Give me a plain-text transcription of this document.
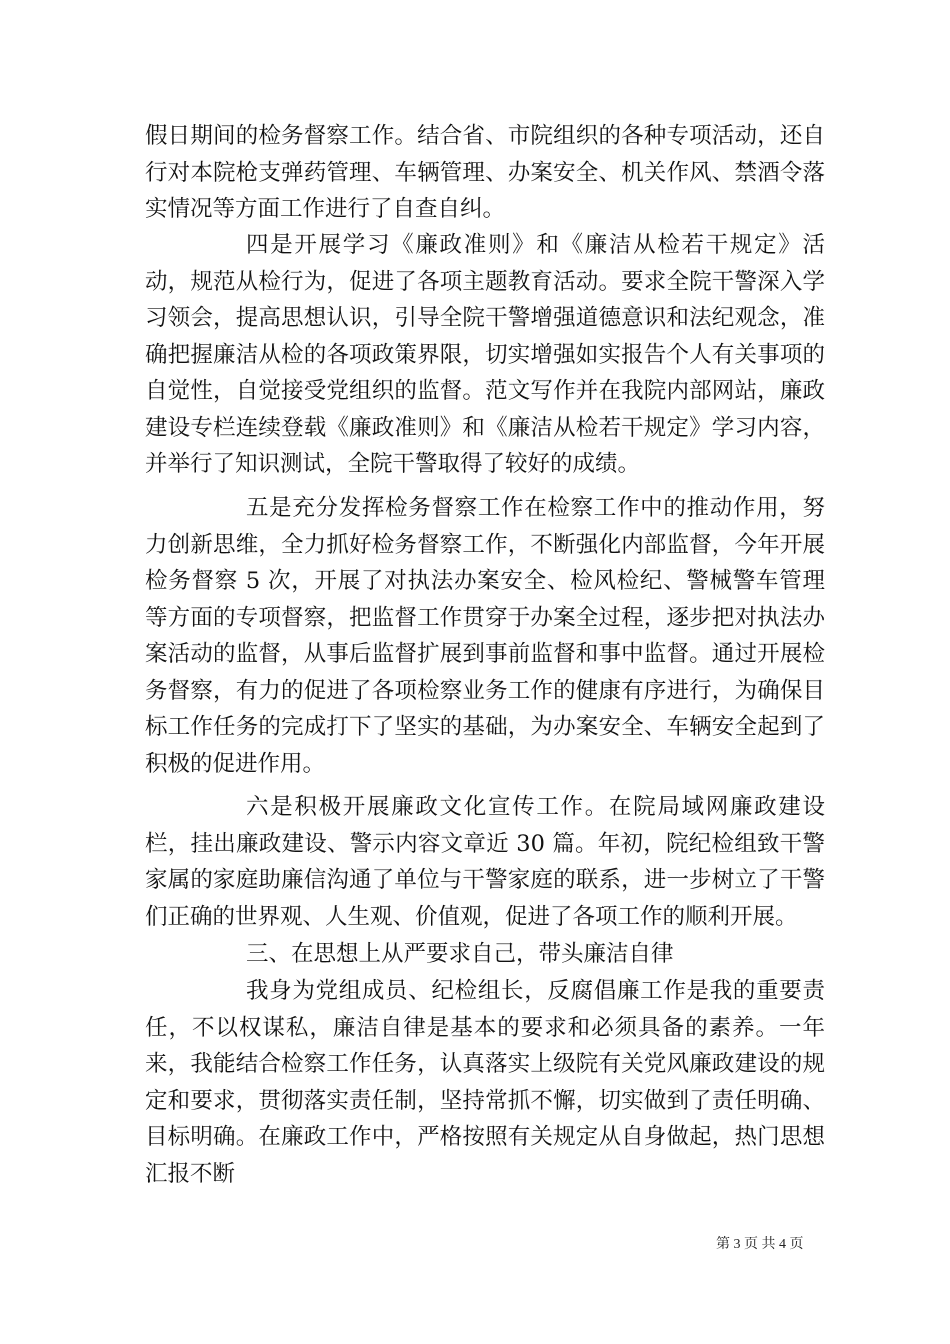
假日期间的检务督察工作。结合省、市院组织的各种专项活动，还自行对本院枪支弹药管理、车辆管理、办案安全、机关作风、禁酒令落实情况等方面工作进行了自查自纠。

四是开展学习《廉政准则》和《廉洁从检若干规定》活动，规范从检行为，促进了各项主题教育活动。要求全院干警深入学习领会，提高思想认识，引导全院干警增强道德意识和法纪观念，准确把握廉洁从检的各项政策界限，切实增强如实报告个人有关事项的自觉性，自觉接受党组织的监督。范文写作并在我院内部网站，廉政建设专栏连续登载《廉政准则》和《廉洁从检若干规定》学习内容，并举行了知识测试，全院干警取得了较好的成绩。

五是充分发挥检务督察工作在检察工作中的推动作用，努力创新思维，全力抓好检务督察工作，不断强化内部监督，今年开展检务督察 5 次，开展了对执法办案安全、检风检纪、警械警车管理等方面的专项督察，把监督工作贯穿于办案全过程，逐步把对执法办案活动的监督，从事后监督扩展到事前监督和事中监督。通过开展检务督察，有力的促进了各项检察业务工作的健康有序进行，为确保目标工作任务的完成打下了坚实的基础，为办案安全、车辆安全起到了积极的促进作用。

六是积极开展廉政文化宣传工作。在院局域网廉政建设栏，挂出廉政建设、警示内容文章近 30 篇。年初，院纪检组致干警家属的家庭助廉信沟通了单位与干警家庭的联系，进一步树立了干警们正确的世界观、人生观、价值观，促进了各项工作的顺利开展。

三、在思想上从严要求自己，带头廉洁自律

我身为党组成员、纪检组长，反腐倡廉工作是我的重要责任，不以权谋私，廉洁自律是基本的要求和必须具备的素养。一年来，我能结合检察工作任务，认真落实上级院有关党风廉政建设的规定和要求，贯彻落实责任制，坚持常抓不懈，切实做到了责任明确、目标明确。在廉政工作中，严格按照有关规定从自身做起，热门思想汇报不断

第 3 页 共 4 页
